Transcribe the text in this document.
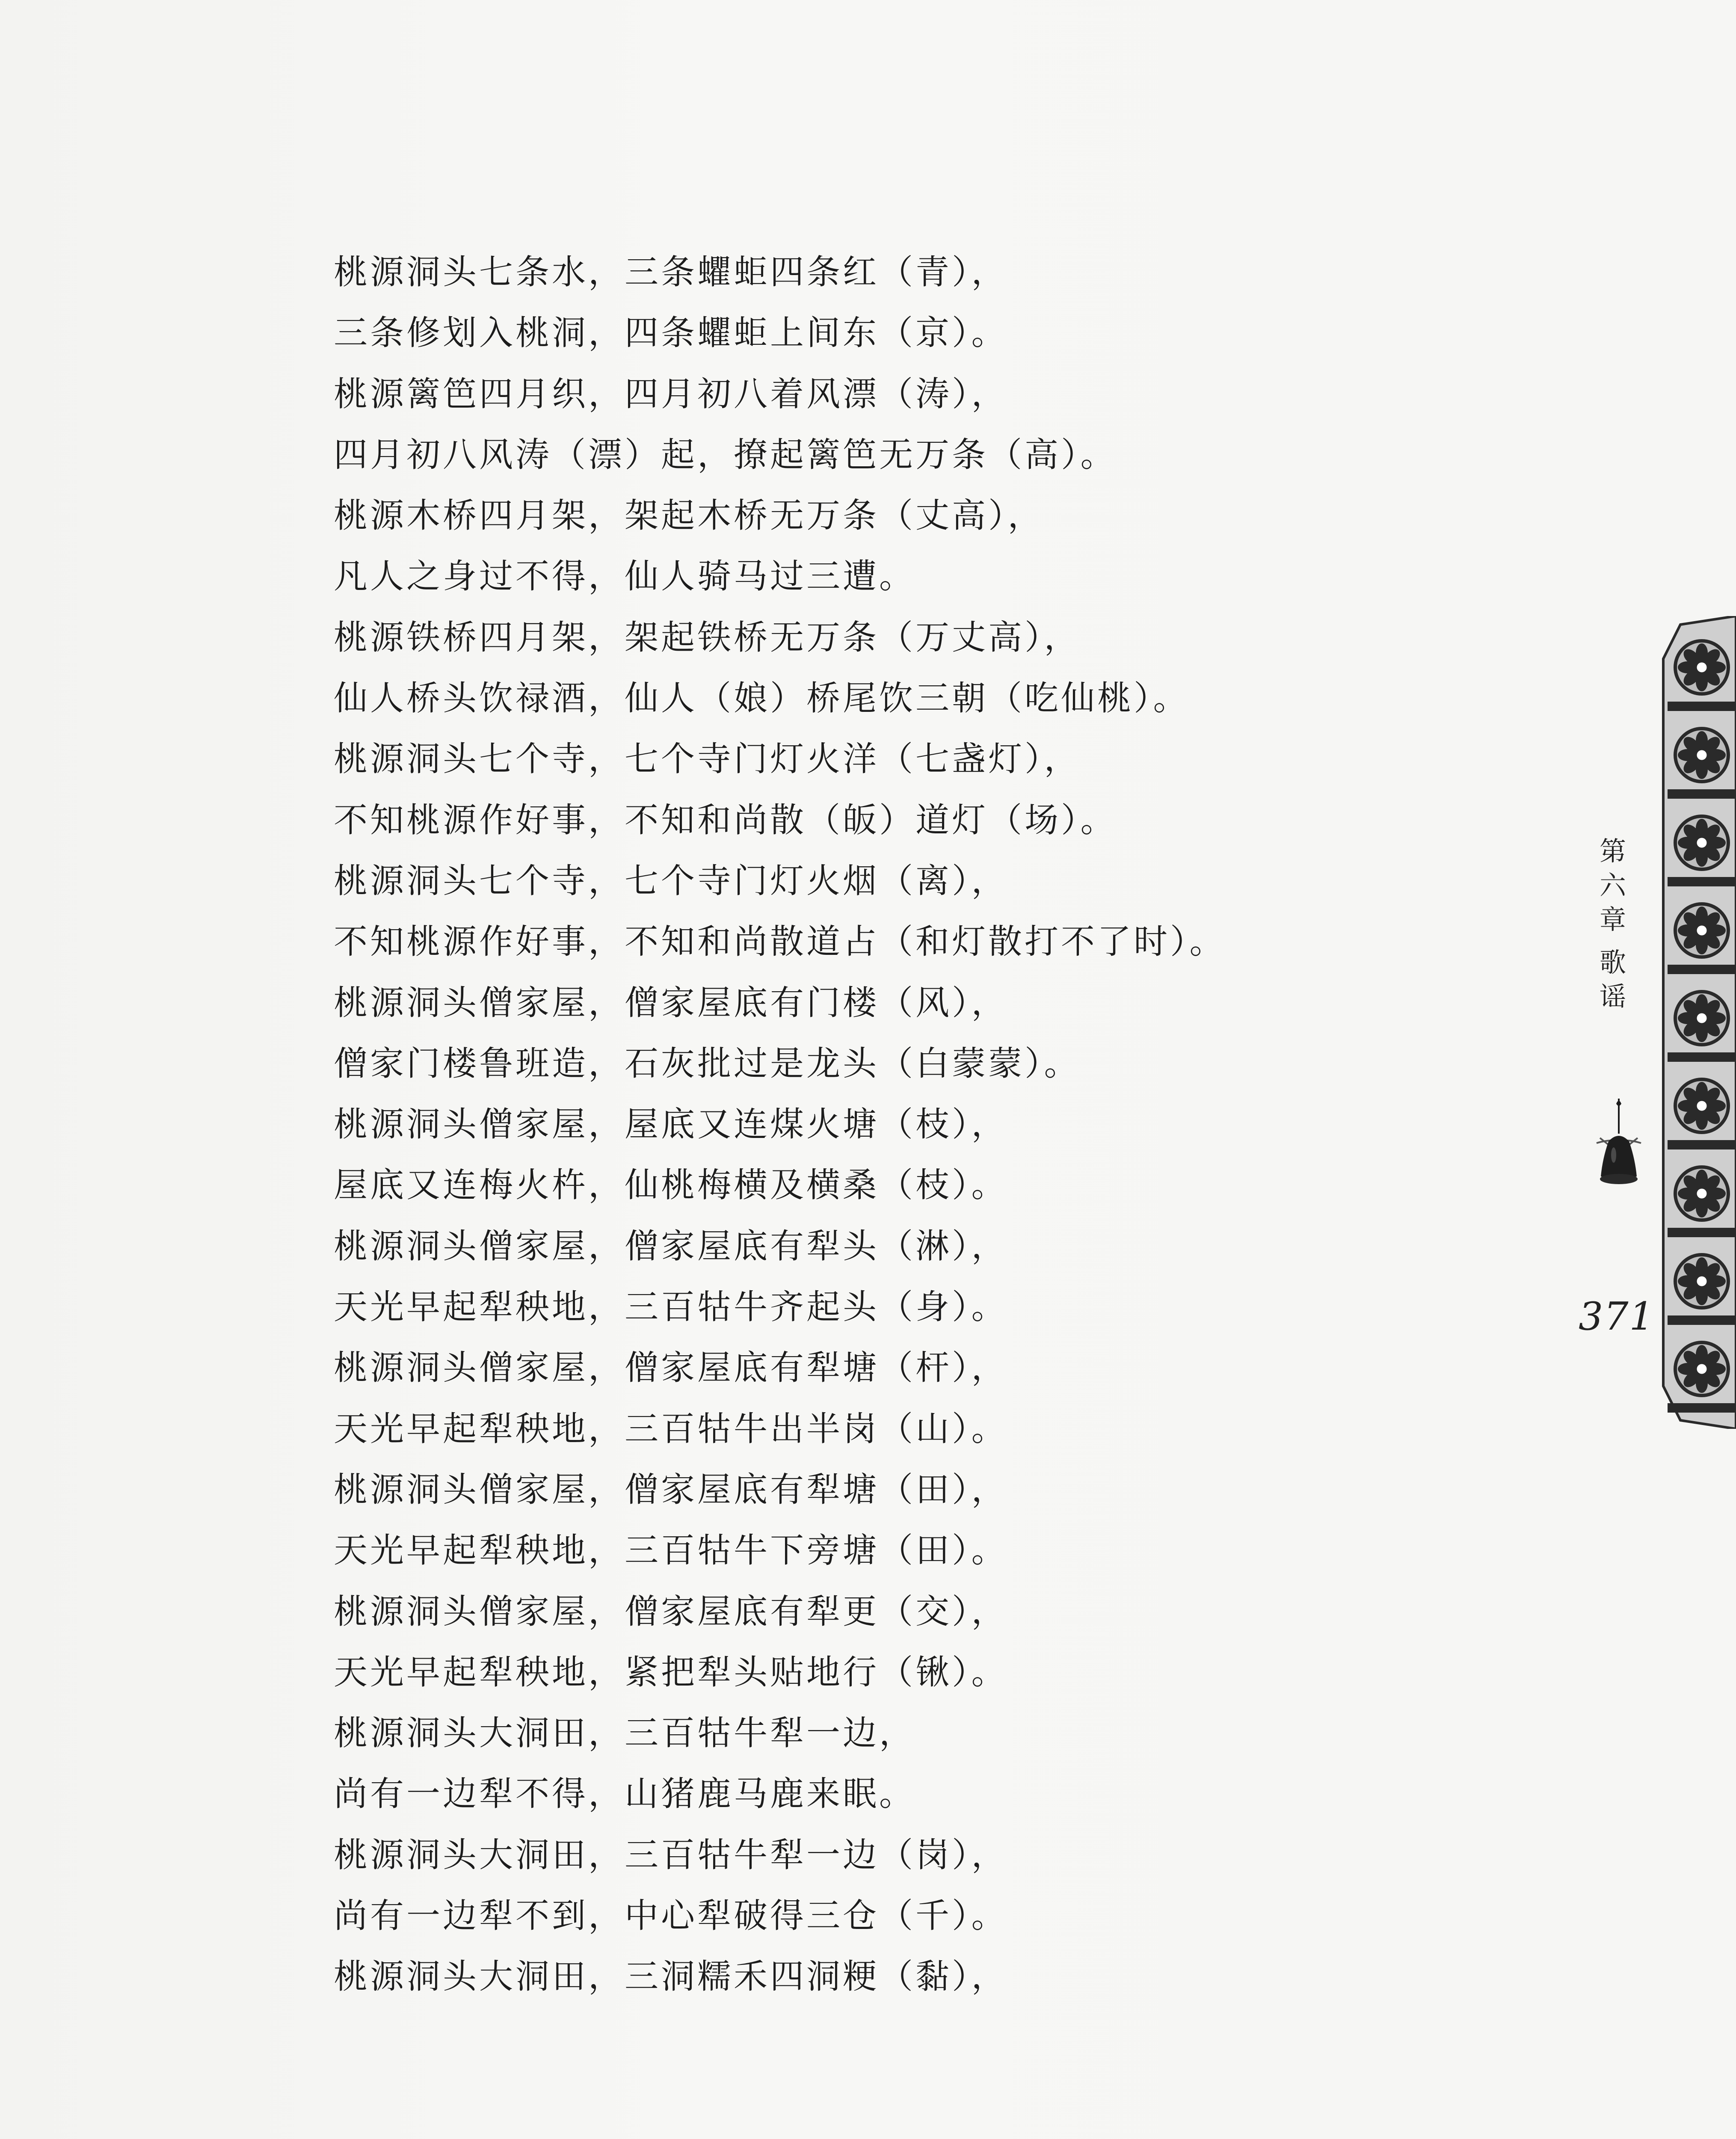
桃源洞头七条水，三条蠷蚷四条红（青），
三条修划入桃洞，四条蠷蚷上间东（京）。
桃源篱笆四月织，四月初八着风漂（涛），
四月初八风涛（漂）起，撩起篱笆无万条（高）。
桃源木桥四月架，架起木桥无万条（丈高），
凡人之身过不得，仙人骑马过三遭。
桃源铁桥四月架，架起铁桥无万条（万丈高），
仙人桥头饮禄酒，仙人（娘）桥尾饮三朝（吃仙桃）。
桃源洞头七个寺，七个寺门灯火洋（七盏灯），
不知桃源作好事，不知和尚散（皈）道灯（场）。
桃源洞头七个寺，七个寺门灯火烟（离），
不知桃源作好事，不知和尚散道占（和灯散打不了时）。
桃源洞头僧家屋，僧家屋底有门楼（风），
僧家门楼鲁班造，石灰批过是龙头（白蒙蒙）。
桃源洞头僧家屋，屋底又连煤火塘（枝），
屋底又连梅火杵，仙桃梅横及横桑（枝）。
桃源洞头僧家屋，僧家屋底有犁头（淋），
天光早起犁秧地，三百牯牛齐起头（身）。
桃源洞头僧家屋，僧家屋底有犁塘（杆），
天光早起犁秧地，三百牯牛出半岗（山）。
桃源洞头僧家屋，僧家屋底有犁塘（田），
天光早起犁秧地，三百牯牛下旁塘（田）。
桃源洞头僧家屋，僧家屋底有犁更（交），
天光早起犁秧地，紧把犁头贴地行（锹）。
桃源洞头大洞田，三百牯牛犁一边，
尚有一边犁不得，山猪鹿马鹿来眠。
桃源洞头大洞田，三百牯牛犁一边（岗），
尚有一边犁不到，中心犁破得三仓（千）。
桃源洞头大洞田，三洞糯禾四洞粳（黏），
第
六
章
歌
谣
371
